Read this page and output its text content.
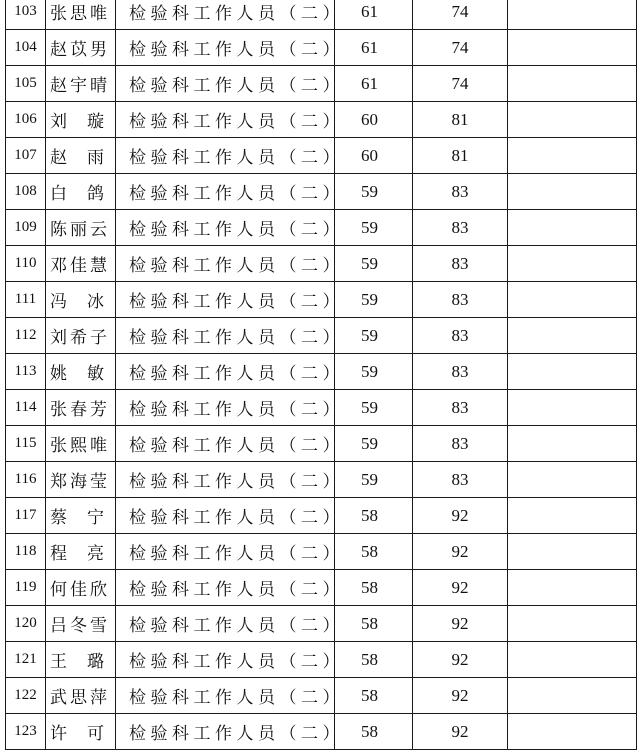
103	张思唯	检验科工作人员（二）	61	74	
104	赵苡男	检验科工作人员（二）	61	74	
105	赵宇晴	检验科工作人员（二）	61	74	
106	刘璇	检验科工作人员（二）	60	81	
107	赵雨	检验科工作人员（二）	60	81	
108	白鸽	检验科工作人员（二）	59	83	
109	陈丽云	检验科工作人员（二）	59	83	
110	邓佳慧	检验科工作人员（二）	59	83	
111	冯冰	检验科工作人员（二）	59	83	
112	刘希子	检验科工作人员（二）	59	83	
113	姚敏	检验科工作人员（二）	59	83	
114	张春芳	检验科工作人员（二）	59	83	
115	张熙唯	检验科工作人员（二）	59	83	
116	郑海莹	检验科工作人员（二）	59	83	
117	蔡宁	检验科工作人员（二）	58	92	
118	程亮	检验科工作人员（二）	58	92	
119	何佳欣	检验科工作人员（二）	58	92	
120	吕冬雪	检验科工作人员（二）	58	92	
121	王璐	检验科工作人员（二）	58	92	
122	武思萍	检验科工作人员（二）	58	92	
123	许可	检验科工作人员（二）	58	92	
